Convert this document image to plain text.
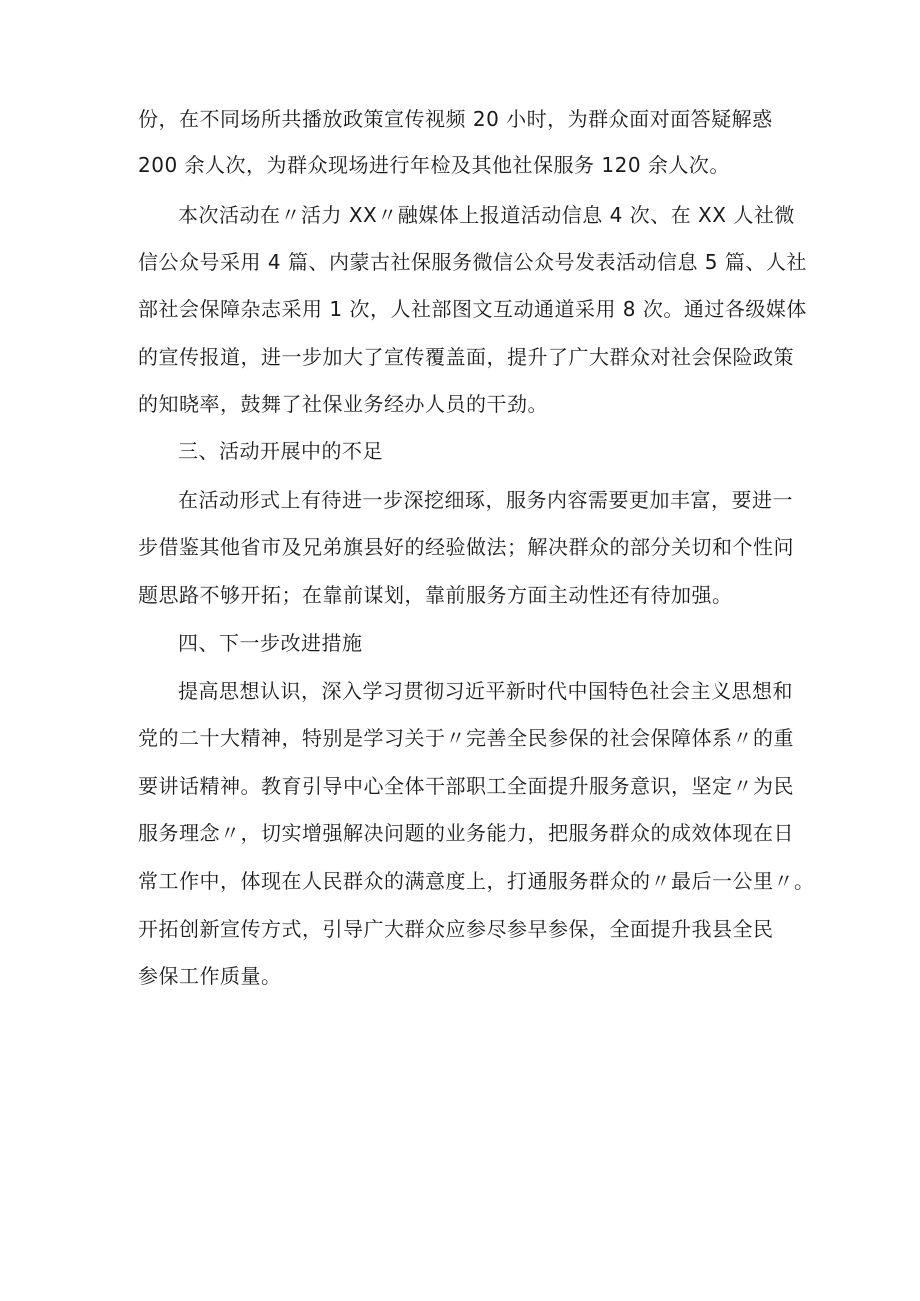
份，在不同场所共播放政策宣传视频 20 小时，为群众面对面答疑解惑
200 余人次，为群众现场进行年检及其他社保服务 120 余人次。
本次活动在〃活力 XX〃融媒体上报道活动信息 4 次、在 XX 人社微
信公众号采用 4 篇、内蒙古社保服务微信公众号发表活动信息 5 篇、人社
部社会保障杂志采用 1 次，人社部图文互动通道采用 8 次。通过各级媒体
的宣传报道，进一步加大了宣传覆盖面，提升了广大群众对社会保险政策
的知晓率，鼓舞了社保业务经办人员的干劲。
三、活动开展中的不足
在活动形式上有待进一步深挖细琢，服务内容需要更加丰富，要进一
步借鉴其他省市及兄弟旗县好的经验做法；解决群众的部分关切和个性问
题思路不够开拓；在靠前谋划，靠前服务方面主动性还有待加强。
四、下一步改进措施
提高思想认识，深入学习贯彻习近平新时代中国特色社会主义思想和
党的二十大精神，特别是学习关于〃完善全民参保的社会保障体系〃的重
要讲话精神。教育引导中心全体干部职工全面提升服务意识，坚定〃为民
服务理念〃，切实增强解决问题的业务能力，把服务群众的成效体现在日
常工作中，体现在人民群众的满意度上，打通服务群众的〃最后一公里〃。
开拓创新宣传方式，引导广大群众应参尽参早参保，全面提升我县全民
参保工作质量。
